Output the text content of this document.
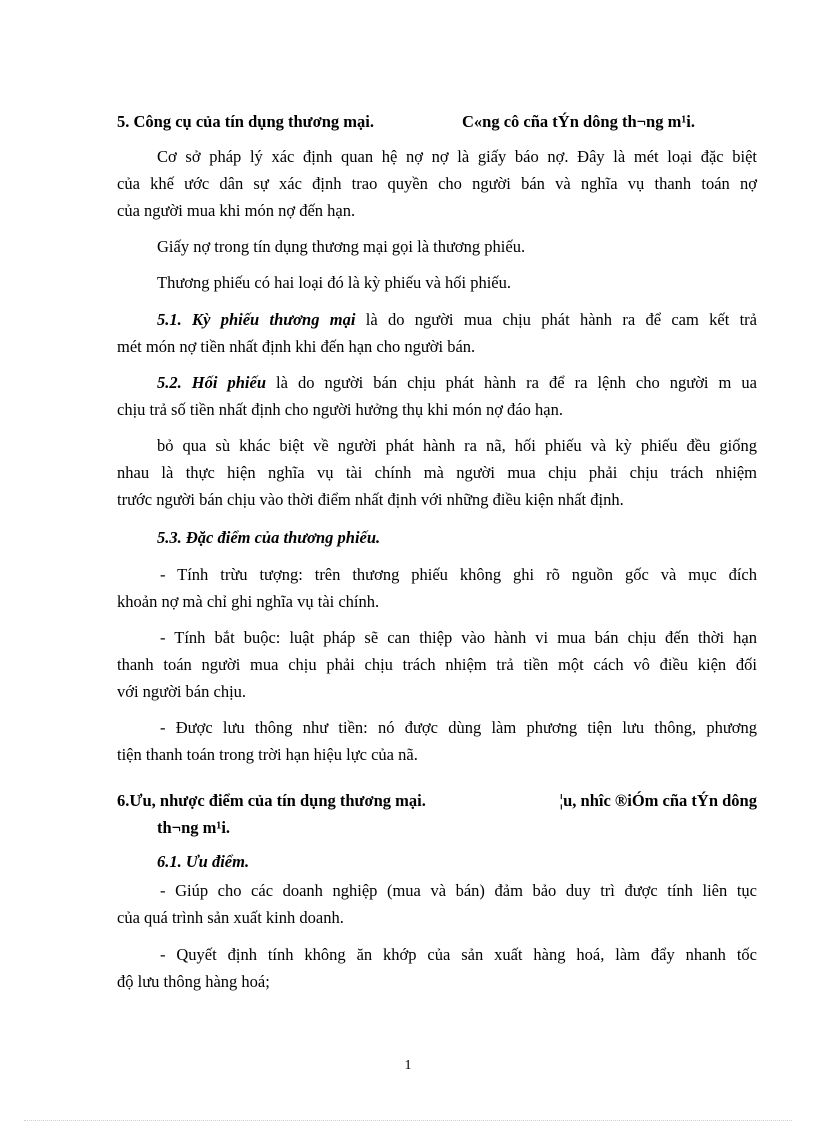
5. Công cụ của tín dụng thương mại.	C«ng cô cña tÝn dông th¬ng m¹i.
Cơ sở pháp lý xác định quan hệ nợ nợ là giấy báo nợ. Đây là mét loại đặc biệt
của khế ước dân sự xác định trao quyền cho người bán và nghĩa vụ thanh toán nợ
của người mua khi món nợ đến hạn.
Giấy nợ trong tín dụng thương mại gọi là thương phiếu.
Thương phiếu có hai loại đó là kỳ phiếu và hối phiếu.
5.1. Kỳ phiếu thương mại là do người mua chịu phát hành ra để cam kết trả
mét món nợ tiền nhất định khi đến hạn cho người bán.
5.2. Hối phiếu là do người bán chịu phát hành ra để ra lệnh cho người m ua
chịu trả số tiền nhất định cho người hưởng thụ khi món nợ đáo hạn.
bỏ qua sù khác biệt về người phát hành ra nã, hối phiếu và kỳ phiếu đều giống
nhau là thực hiện nghĩa vụ tài chính mà người mua chịu phải chịu trách nhiệm
trước người bán chịu vào thời điểm nhất định với những điều kiện nhất định.
5.3. Đặc điểm của thương phiếu.
- Tính trừu tượng: trên thương phiếu không ghi rõ nguồn gốc và mục đích
khoản nợ mà chỉ ghi nghĩa vụ tài chính.
- Tính bắt buộc: luật pháp sẽ can thiệp vào hành vi mua bán chịu đến thời hạn
thanh toán người mua chịu phải chịu trách nhiệm trả tiền một cách vô điều kiện đối
với người bán chịu.
- Được lưu thông như tiền: nó được dùng làm phương tiện lưu thông, phương
tiện thanh toán trong trời hạn hiệu lực của nã.
6.Ưu, nhược điểm của tín dụng thương mại.	¦u, nhîc ®iÓm cña tÝn dông
th¬ng m¹i.
6.1. Ưu điểm.
- Giúp cho các doanh nghiệp (mua và bán) đảm bảo duy trì được tính liên tục
của quá trình sản xuất kinh doanh.
- Quyết định tính không ăn khớp của sản xuất hàng hoá, làm đẩy nhanh tốc
độ lưu thông hàng hoá;
1
